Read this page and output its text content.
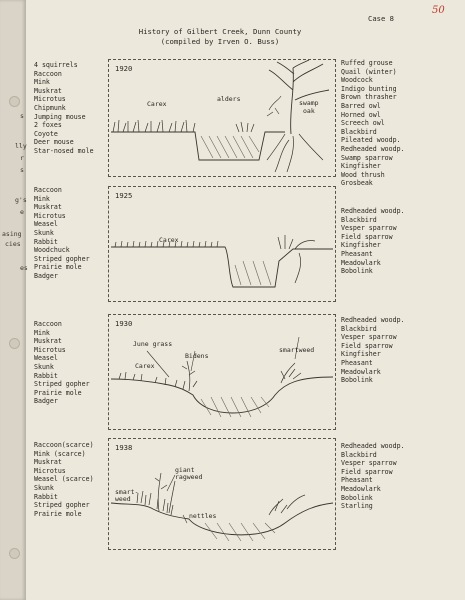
s
lly
r
s
g's
e
asing
cies
es
50
Case 8
History of Gilbert Creek, Dunn County
(compiled by Irven O. Buss)
4 squirrels
Raccoon
Mink
Muskrat
Microtus
Chipmunk
Jumping mouse
2 foxes
Coyote
Deer mouse
Star-nosed mole
Ruffed grouse
Quail (winter)
Woodcock
Indigo bunting
Brown thrasher
Barred owl
Horned owl
Screech owl
Blackbird
Pileated woodp.
Redheaded woodp.
Swamp sparrow
Kingfisher
Wood thrush
Grosbeak
1920
Carex
alders	swamp
oak
Raccoon
Mink
Muskrat
Microtus
Weasel
Skunk
Rabbit
Woodchuck
Striped gopher
Prairie mole
Badger
Redheaded woodp.
Blackbird
Vesper sparrow
Field sparrow
Kingfisher
Pheasant
Meadowlark
Bobolink
1925
Carex
Raccoon
Mink
Muskrat
Microtus
Weasel
Skunk
Rabbit
Striped gopher
Prairie mole
Badger
Redheaded woodp.
Blackbird
Vesper sparrow
Field sparrow
Kingfisher
Pheasant
Meadowlark
Bobolink
1930
June grass
Carex
Bidens
smartweed
Raccoon(scarce)
Mink (scarce)
Muskrat
Microtus
Weasel (scarce)
Skunk
Rabbit
Striped gopher
Prairie mole
Redheaded woodp.
Blackbird
Vesper sparrow
Field sparrow
Pheasant
Meadowlark
Bobolink
Starling
1938
giant
ragweed
smart-
weed
nettles
